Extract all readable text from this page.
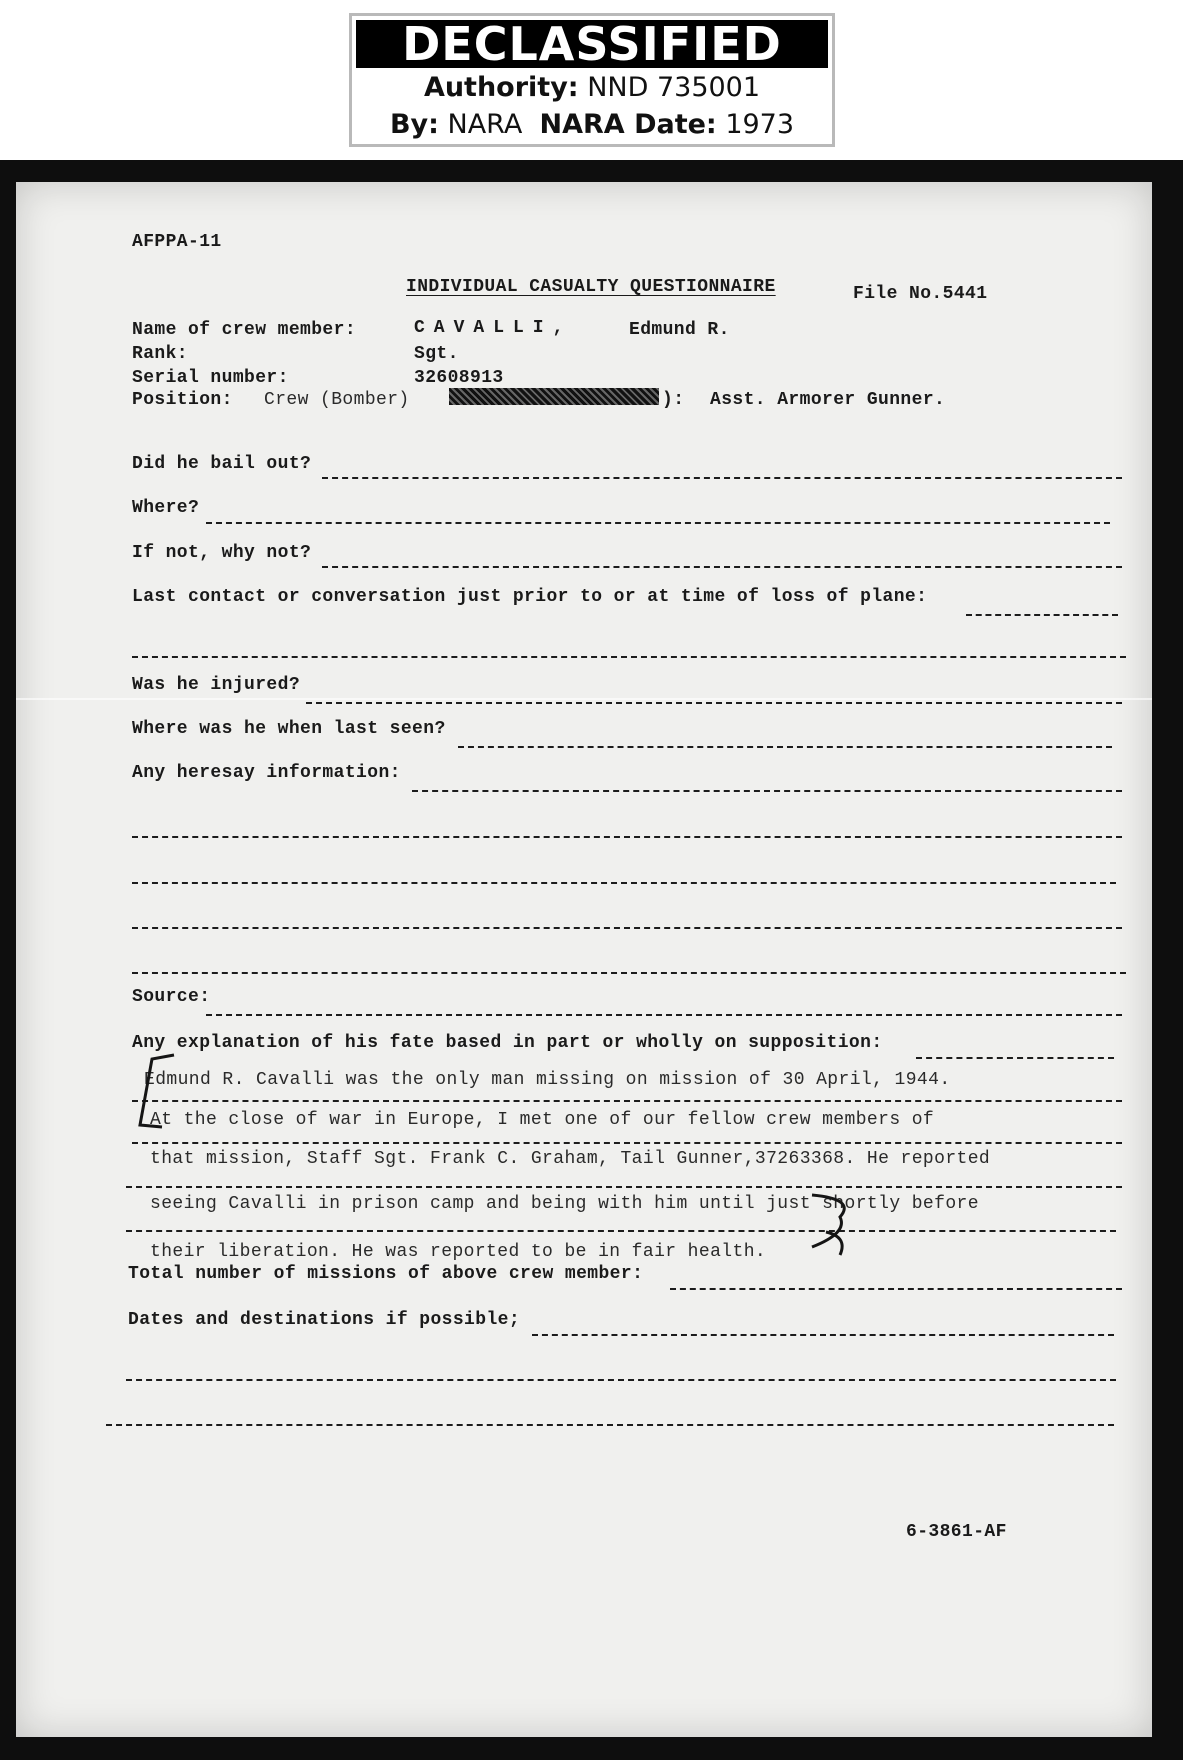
DECLASSIFIED
Authority: NND 735001
By: NARA NARA Date: 1973
AFPPA-11
INDIVIDUAL CASUALTY QUESTIONNAIRE	File No.5441
Name of crew member:	CAVALLI,	Edmund R.
Rank:	Sgt.
Serial number:	32608913
Position: Crew (Bomber)	): Asst. Armorer Gunner.
Did he bail out?
Where?
If not, why not?
Last contact or conversation just prior to or at time of loss of plane:
Was he injured?
Where was he when last seen?
Any heresay information:
Source:
Any explanation of his fate based in part or wholly on supposition:
Edmund R. Cavalli was the only man missing on mission of 30 April, 1944.
At the close of war in Europe, I met one of our fellow crew members of
that mission, Staff Sgt. Frank C. Graham, Tail Gunner,37263368. He reported
seeing Cavalli in prison camp and being with him until just shortly before
their liberation. He was reported to be in fair health.
Total number of missions of above crew member:
Dates and destinations if possible;
6-3861-AF
